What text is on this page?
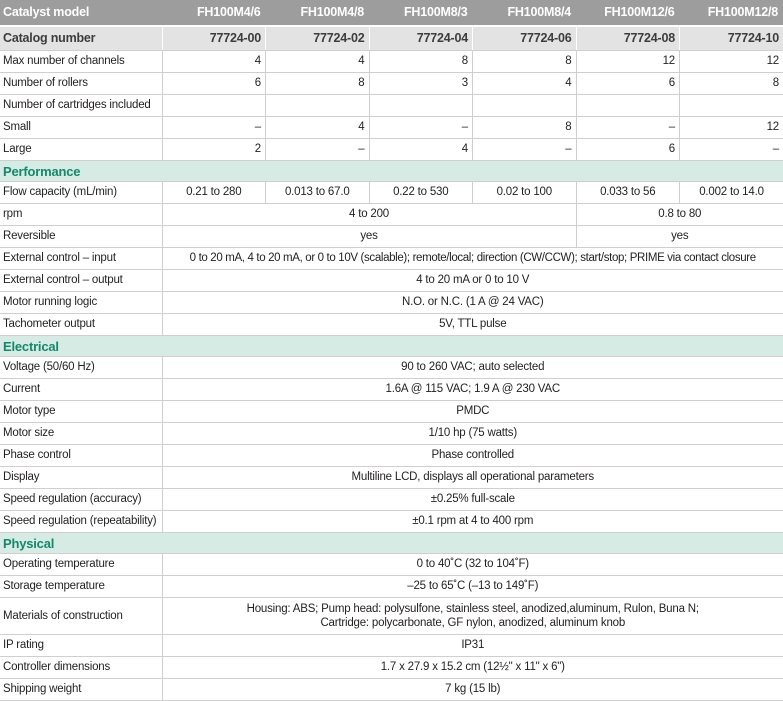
Catalyst model	FH100M4/6	FH100M4/8	FH100M8/3	FH100M8/4	FH100M12/6	FH100M12/8
Catalog number	77724-00	77724-02	77724-04	77724-06	77724-08	77724-10
Max number of channels	4	4	8	8	12	12
Number of rollers	6	8	3	4	6	8
Number of cartridges included						
Small	–	4	–	8	–	12
Large	2	–	4	–	6	–
Performance						
Flow capacity (mL/min)	0.21 to 280	0.013 to 67.0	0.22 to 530	0.02 to 100	0.033 to 56	0.002 to 14.0
rpm	4 to 200				0.8 to 80	
Reversible	yes				yes	
External control – input	0 to 20 mA, 4 to 20 mA, or 0 to 10V (scalable); remote/local; direction (CW/CCW); start/stop; PRIME via contact closure					
External control – output	4 to 20 mA or 0 to 10 V					
Motor running logic	N.O. or N.C. (1 A @ 24 VAC)					
Tachometer output	5V, TTL pulse					
Electrical						
Voltage (50/60 Hz)	90 to 260 VAC; auto selected					
Current	1.6A @ 115 VAC; 1.9 A @ 230 VAC					
Motor type	PMDC					
Motor size	1/10 hp (75 watts)					
Phase control	Phase controlled					
Display	Multiline LCD, displays all operational parameters					
Speed regulation (accuracy)	±0.25% full-scale					
Speed regulation (repeatability)	±0.1 rpm at 4 to 400 rpm					
Physical						
Operating temperature	0 to 40˚C (32 to 104˚F)					
Storage temperature	–25 to 65˚C (–13 to 149˚F)					
Materials of construction	Housing: ABS; Pump head: polysulfone, stainless steel, anodized,aluminum, Rulon, Buna N;
Cartridge: polycarbonate, GF nylon, anodized, aluminum knob					

IP rating	IP31					
Controller dimensions	1.7 x 27.9 x 15.2 cm (12½" x 11" x 6")					
Shipping weight	7 kg (15 lb)					
